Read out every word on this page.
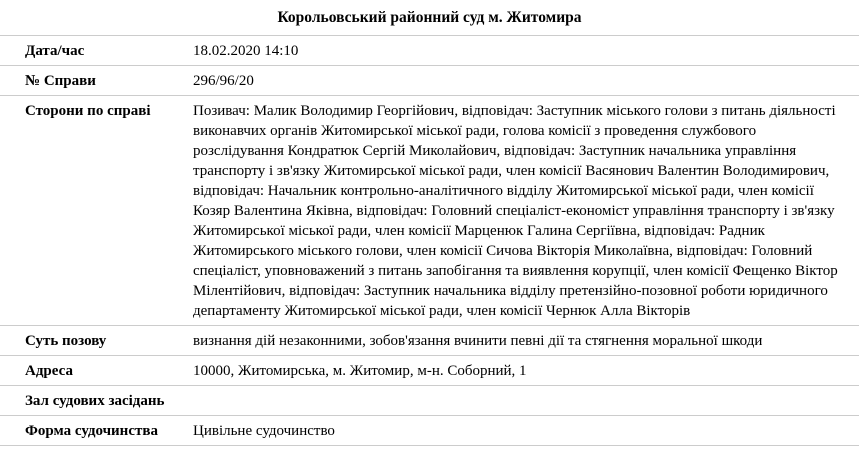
Корольовський районний суд м. Житомира
Дата/час	18.02.2020 14:10
№ Справи	296/96/20
Сторони по справі	Позивач: Малик Володимир Георгійович, відповідач: Заступник міського голови з питань діяльності виконавчих органів Житомирської міської ради, голова комісії з проведення службового розслідування Кондратюк Сергій Миколайович, відповідач: Заступник начальника управління транспорту і зв'язку Житомирської міської ради, член комісії Васянович Валентин Володимирович, відповідач: Начальник контрольно-аналітичного відділу Житомирської міської ради, член комісії Козяр Валентина Яківна, відповідач: Головний спеціаліст-економіст управління транспорту і зв'язку Житомирської міської ради, член комісії Марценюк Галина Сергіївна, відповідач: Радник Житомирського міського голови, член комісії Сичова Вікторія Миколаївна, відповідач: Головний спеціаліст, уповноважений з питань запобігання та виявлення корупції, член комісії Фещенко Віктор Мілентійович, відповідач: Заступник начальника відділу претензійно-позовної роботи юридичного департаменту Житомирської міської ради, член комісії Чернюк Алла Вікторів
Суть позову	визнання дій незаконними, зобов'язання вчинити певні дії та стягнення моральної шкоди
Адреса	10000, Житомирська, м. Житомир, м-н. Соборний, 1
Зал судових засідань
Форма судочинства	Цивільне судочинство
